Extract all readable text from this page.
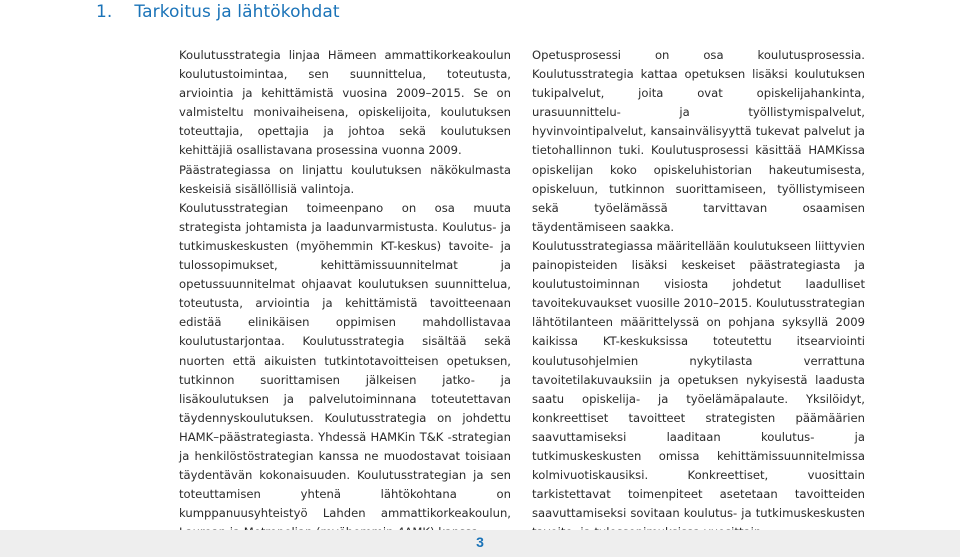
1. Tarkoitus ja lähtökohdat

Koulutusstrategia linjaa Hämeen ammattikorkeakoulun koulutustoimintaa, sen suunnittelua, toteutusta, arviointia ja kehittämistä vuosina 2009–2015. Se on valmisteltu monivaiheisena, opiskelijoita, koulutuksen toteuttajia, opettajia ja johtoa sekä koulutuksen kehittäjiä osallistavana prosessina vuonna 2009.

Päästrategiassa on linjattu koulutuksen näkökulmasta keskeisiä sisällöllisiä valintoja.

Koulutusstrategian toimeenpano on osa muuta strategista johtamista ja laadunvarmistusta. Koulutus- ja tutkimuskeskusten (myöhemmin KT-keskus) tavoite- ja tulossopimukset, kehittämissuunnitelmat ja opetussuunnitelmat ohjaavat koulutuksen suunnittelua, toteutusta, arviointia ja kehittämistä tavoitteenaan edistää elinikäisen oppimisen mahdollistavaa koulutustarjontaa. Koulutusstrategia sisältää sekä nuorten että aikuisten tutkintotavoitteisen opetuksen, tutkinnon suorittamisen jälkeisen jatko- ja lisäkoulutuksen ja palvelutoiminnana toteutettavan täydennyskoulutuksen. Koulutusstrategia on johdettu HAMK–päästrategiasta. Yhdessä HAMKin T&K -strategian ja henkilöstöstrategian kanssa ne muodostavat toisiaan täydentävän kokonaisuuden. Koulutusstrategian ja sen toteuttamisen yhtenä lähtökohtana on kumppanuusyhteistyö Lahden ammattikorkeakoulun,

Opetusprosessi on osa koulutusprosessia. Koulutusstrategia kattaa opetuksen lisäksi koulutuksen tukipalvelut, joita ovat opiskelijahankinta, urasuunnittelu- ja työllistymispalvelut, hyvinvointipalvelut, kansainvälisyyttä tukevat palvelut ja tietohallinnon tuki. Koulutusprosessi käsittää HAMKissa opiskelijan koko opiskeluhistorian hakeutumisesta, opiskeluun, tutkinnon suorittamiseen, työllistymiseen sekä työelämässä tarvittavan osaamisen täydentämiseen saakka.

Koulutusstrategiassa määritellään koulutukseen liittyvien painopisteiden lisäksi keskeiset päästrategiasta ja koulutustoiminnan visiosta johdetut laadulliset tavoitekuvaukset vuosille 2010–2015. Koulutusstrategian lähtötilanteen määrittelyssä on pohjana syksyllä 2009 kaikissa KT-keskuksissa toteutettu itsearviointi koulutusohjelmien nykytilasta verrattuna tavoitetilakuvauksiin ja opetuksen nykyisestä laadusta saatu opiskelija- ja työelämäpalaute. Yksilöidyt, konkreettiset tavoitteet strategisten päämäärien saavuttamiseksi laaditaan koulutus- ja tutkimuskeskusten omissa kehittämissuunnitelmissa kolmivuotiskausiksi. Konkreettiset, vuosittain tarkistettavat toimenpiteet asetetaan tavoitteiden saavuttamiseksi sovitaan koulutus- ja tutkimuskeskusten

3
